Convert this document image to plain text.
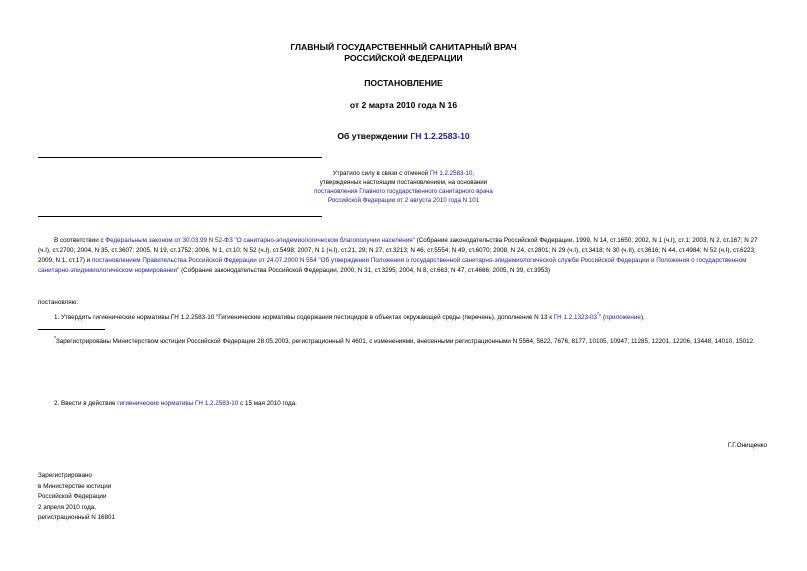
ГЛАВНЫЙ ГОСУДАРСТВЕННЫЙ САНИТАРНЫЙ ВРАЧ
РОССИЙСКОЙ ФЕДЕРАЦИИ
ПОСТАНОВЛЕНИЕ
от 2 марта 2010 года N 16
Об утверждении ГН 1.2.2583-10
Утратило силу в связи с отменой ГН 1.2.2583-10,
утвержденных настоящим постановлением, на основании
постановления Главного государственного санитарного врача
Российской Федерации от 2 августа 2010 года N 101
В соответствии с Федеральным законом от 30.03.99 N 52-ФЗ "О санитарно-эпидемиологическом благополучии населения" (Собрание законодательства Российской Федерации, 1999, N 14, ст.1650; 2002, N 1 (ч.I), ст.1; 2003, N 2, ст.167; N 27 (ч.I), ст.2700; 2004, N 35, ст.3607; 2005, N 19, ст.1752; 2006, N 1, ст.10; N 52 (ч.I), ст.5498; 2007, N 1 (ч.I), ст.21, 29; N 27, ст.3213; N 46, ст.5554; N 49, ст.6070; 2008, N 24, ст.2801; N 29 (ч.I), ст.3418; N 30 (ч.II), ст.3616; N 44, ст.4984; N 52 (ч.I), ст.6223; 2009, N 1, ст.17) и постановлением Правительства Российской Федерации от 24.07.2000 N 554 "Об утверждении Положения о государственной санитарно-эпидемиологической службе Российской Федерации и Положения о государственном санитарно-эпидемиологическом нормировании" (Собрание законодательства Российской Федерации, 2000, N 31, ст.3295; 2004, N 8, ст.663; N 47, ст.4666; 2005, N 39, ст.3953)
постановляю:
1. Утвердить гигиенические нормативы ГН 1.2.2583-10 "Гигиенические нормативы содержания пестицидов в объектах окружающей среды (перечень), дополнение N 13 к ГН 1.2.1323-03*" (приложение).
*Зарегистрированы Министерством юстиции Российской Федерации 28.05.2003, регистрационный N 4601, с изменениями, внесенными регистрационными N 5564, 5622, 7676, 8177, 10105, 10947, 11285, 12201, 12206, 13448, 14010, 15012.
2. Ввести в действие гигиенические нормативы ГН 1.2.2583-10 с 15 мая 2010 года.
Г.Г.Онищенко
Зарегистрировано
в Министерстве юстиции
Российской Федерации
2 апреля 2010 года,
регистрационный N 16801
